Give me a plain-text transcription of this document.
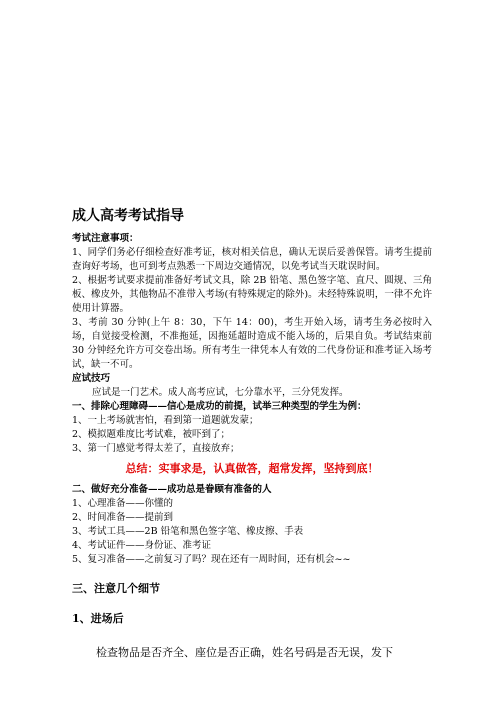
成人高考考试指导
考试注意事项：
1、同学们务必仔细检查好准考证，核对相关信息，确认无误后妥善保管。请考生提前查询好考场，也可到考点熟悉一下周边交通情况，以免考试当天耽误时间。
2、根据考试要求提前准备好考试文具，除 2B 铅笔、黑色签字笔、直尺、圆规、三角板、橡皮外，其他物品不准带入考场(有特殊规定的除外)。未经特殊说明，一律不允许使用计算器。
3、考前 30 分钟(上午 8：30，下午 14：00)，考生开始入场，请考生务必按时入场，自觉接受检测，不准拖延，因拖延超时造成不能入场的，后果自负。考试结束前 30 分钟经允许方可交卷出场。所有考生一律凭本人有效的二代身份证和准考证入场考试，缺一不可。
应试技巧
应试是一门艺术。成人高考应试，七分靠水平，三分凭发挥。
一、排除心理障碍——信心是成功的前提，试举三种类型的学生为例：
1、一上考场就害怕，看到第一道题就发蒙；
2、模拟题难度比考试难，被吓到了；
3、第一门感觉考得太差了，直接放弃；
总结：实事求是，认真做答，超常发挥，坚持到底！
二、做好充分准备——成功总是眷顾有准备的人
1、心理准备——你懂的
2、时间准备——提前到
3、考试工具——2B 铅笔和黑色签字笔、橡皮擦、手表
4、考试证件——身份证、准考证
5、复习准备——之前复习了吗？现在还有一周时间，还有机会~~
三、注意几个细节
1、进场后
检查物品是否齐全、座位是否正确，姓名号码是否无误，发下
